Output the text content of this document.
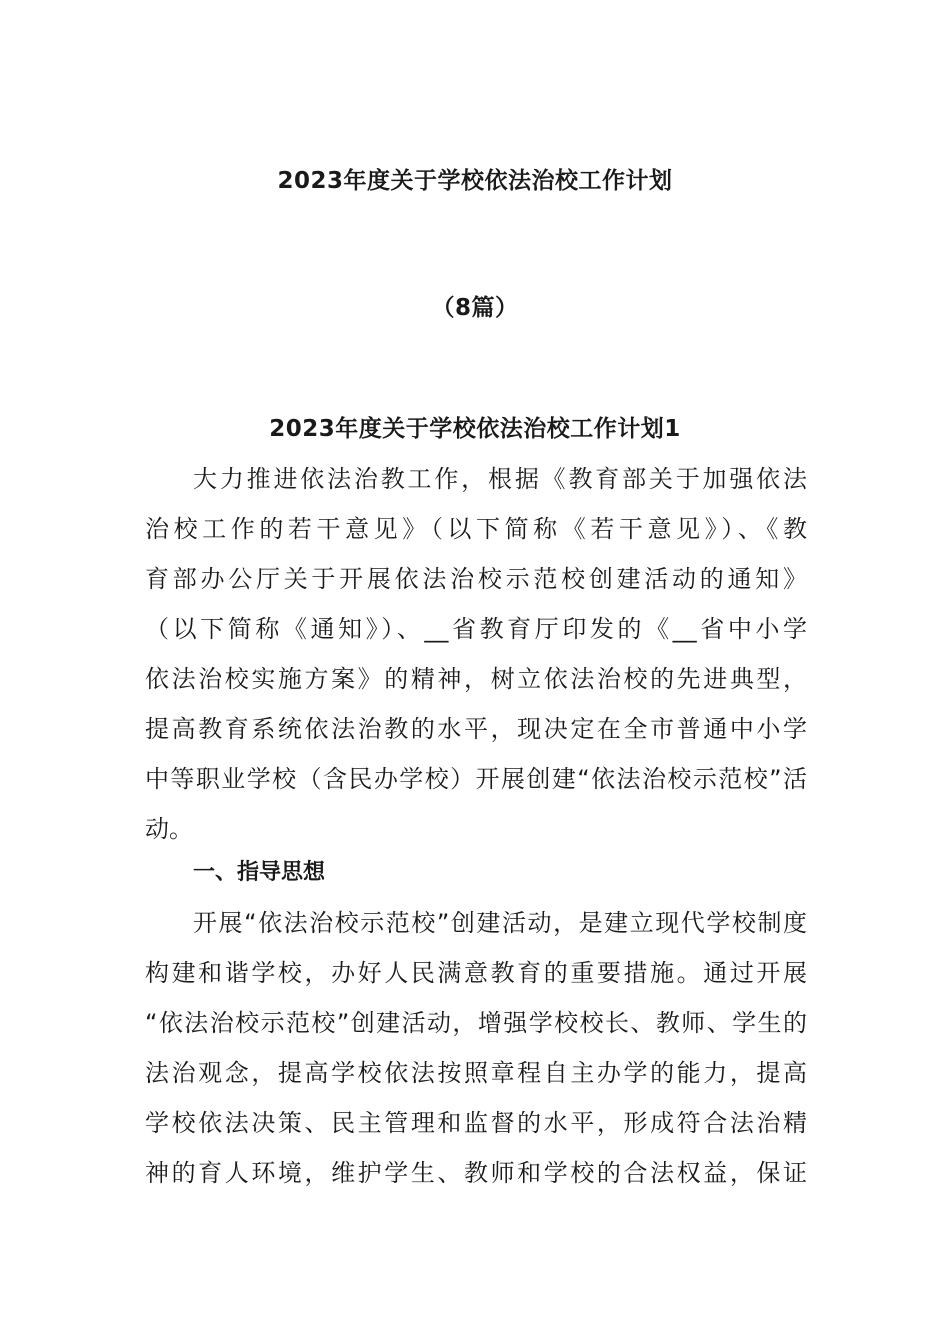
2023年度关于学校依法治校工作计划
（8篇）
2023年度关于学校依法治校工作计划1
大力推进依法治教工作，根据《教育部关于加强依法
治校工作的若干意见》（以下简称《若干意见》）、《教
育部办公厅关于开展依法治校示范校创建活动的通知》
（以下简称《通知》）、__省教育厅印发的《__省中小学
依法治校实施方案》的精神，树立依法治校的先进典型，
提高教育系统依法治教的水平，现决定在全市普通中小学
中等职业学校（含民办学校）开展创建“依法治校示范校”活
动。
一、指导思想
开展“依法治校示范校”创建活动，是建立现代学校制度
构建和谐学校，办好人民满意教育的重要措施。通过开展
“依法治校示范校”创建活动，增强学校校长、教师、学生的
法治观念，提高学校依法按照章程自主办学的能力，提高
学校依法决策、民主管理和监督的水平，形成符合法治精
神的育人环境，维护学生、教师和学校的合法权益，保证
